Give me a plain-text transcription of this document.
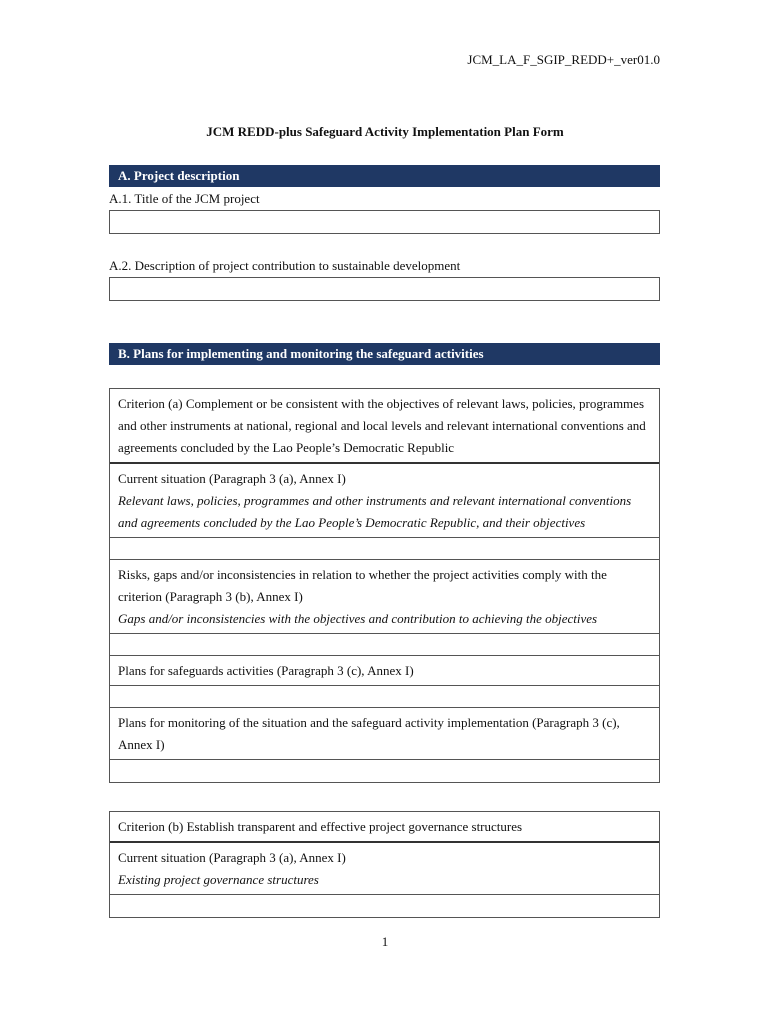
JCM_LA_F_SGIP_REDD+_ver01.0
JCM REDD-plus Safeguard Activity Implementation Plan Form
A. Project description
A.1. Title of the JCM project
A.2. Description of project contribution to sustainable development
B. Plans for implementing and monitoring the safeguard activities
Criterion (a) Complement or be consistent with the objectives of relevant laws, policies, programmes and other instruments at national, regional and local levels and relevant international conventions and agreements concluded by the Lao People’s Democratic Republic
Current situation (Paragraph 3 (a), Annex I)
Relevant laws, policies, programmes and other instruments and relevant international conventions and agreements concluded by the Lao People’s Democratic Republic, and their objectives
Risks, gaps and/or inconsistencies in relation to whether the project activities comply with the criterion (Paragraph 3 (b), Annex I)
Gaps and/or inconsistencies with the objectives and contribution to achieving the objectives
Plans for safeguards activities (Paragraph 3 (c), Annex I)
Plans for monitoring of the situation and the safeguard activity implementation (Paragraph 3 (c), Annex I)
Criterion (b) Establish transparent and effective project governance structures
Current situation (Paragraph 3 (a), Annex I)
Existing project governance structures
1
